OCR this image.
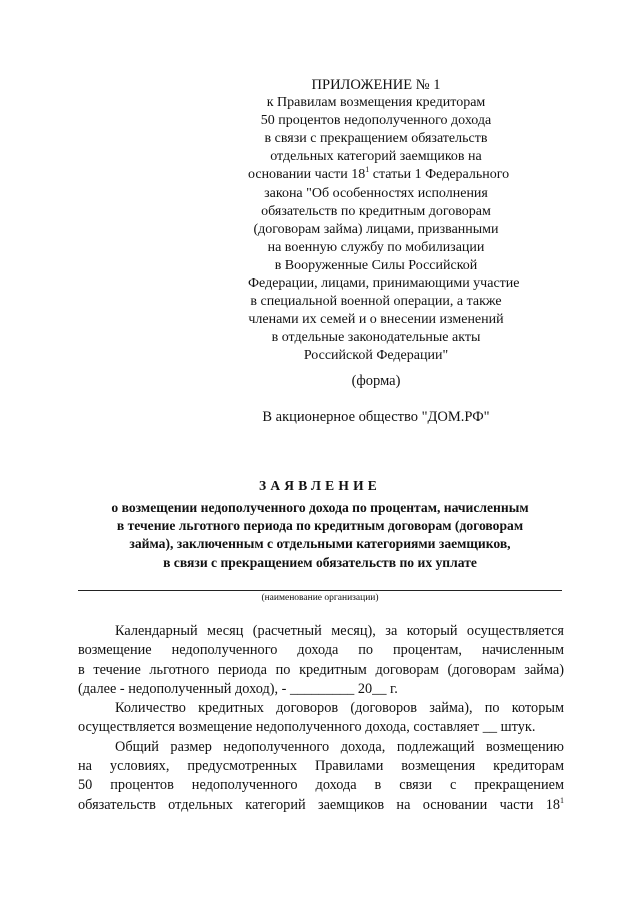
ПРИЛОЖЕНИЕ № 1
к Правилам возмещения кредиторам
50 процентов недополученного дохода
в связи с прекращением обязательств
отдельных категорий заемщиков на
основании части $18^1$ статьи 1 Федерального
закона "Об особенностях исполнения
обязательств по кредитным договорам
(договорам займа) лицами, призванными
на военную службу по мобилизации
в Вооруженные Силы Российской
Федерации, лицами, принимающими участие
в специальной военной операции, а также
членами их семей и о внесении изменений
в отдельные законодательные акты
Российской Федерации"
(форма)
В акционерное общество "ДОМ.РФ"
ЗАЯВЛЕНИЕ
о возмещении недополученного дохода по процентам, начисленным
в течение льготного периода по кредитным договорам (договорам
займа), заключенным с отдельными категориями заемщиков,
в связи с прекращением обязательств по их уплате
(наименование организации)
Календарный месяц (расчетный месяц), за который осуществляется
возмещение недополученного дохода по процентам, начисленным
в течение льготного периода по кредитным договорам (договорам займа)
(далее - недополученный доход), - _________ 20__ г.
Количество кредитных договоров (договоров займа), по которым
осуществляется возмещение недополученного дохода, составляет __ штук.
Общий размер недополученного дохода, подлежащий возмещению
на условиях, предусмотренных Правилами возмещения кредиторам
50 процентов недополученного дохода в связи с прекращением
обязательств отдельных категорий заемщиков на основании части $18^1$
